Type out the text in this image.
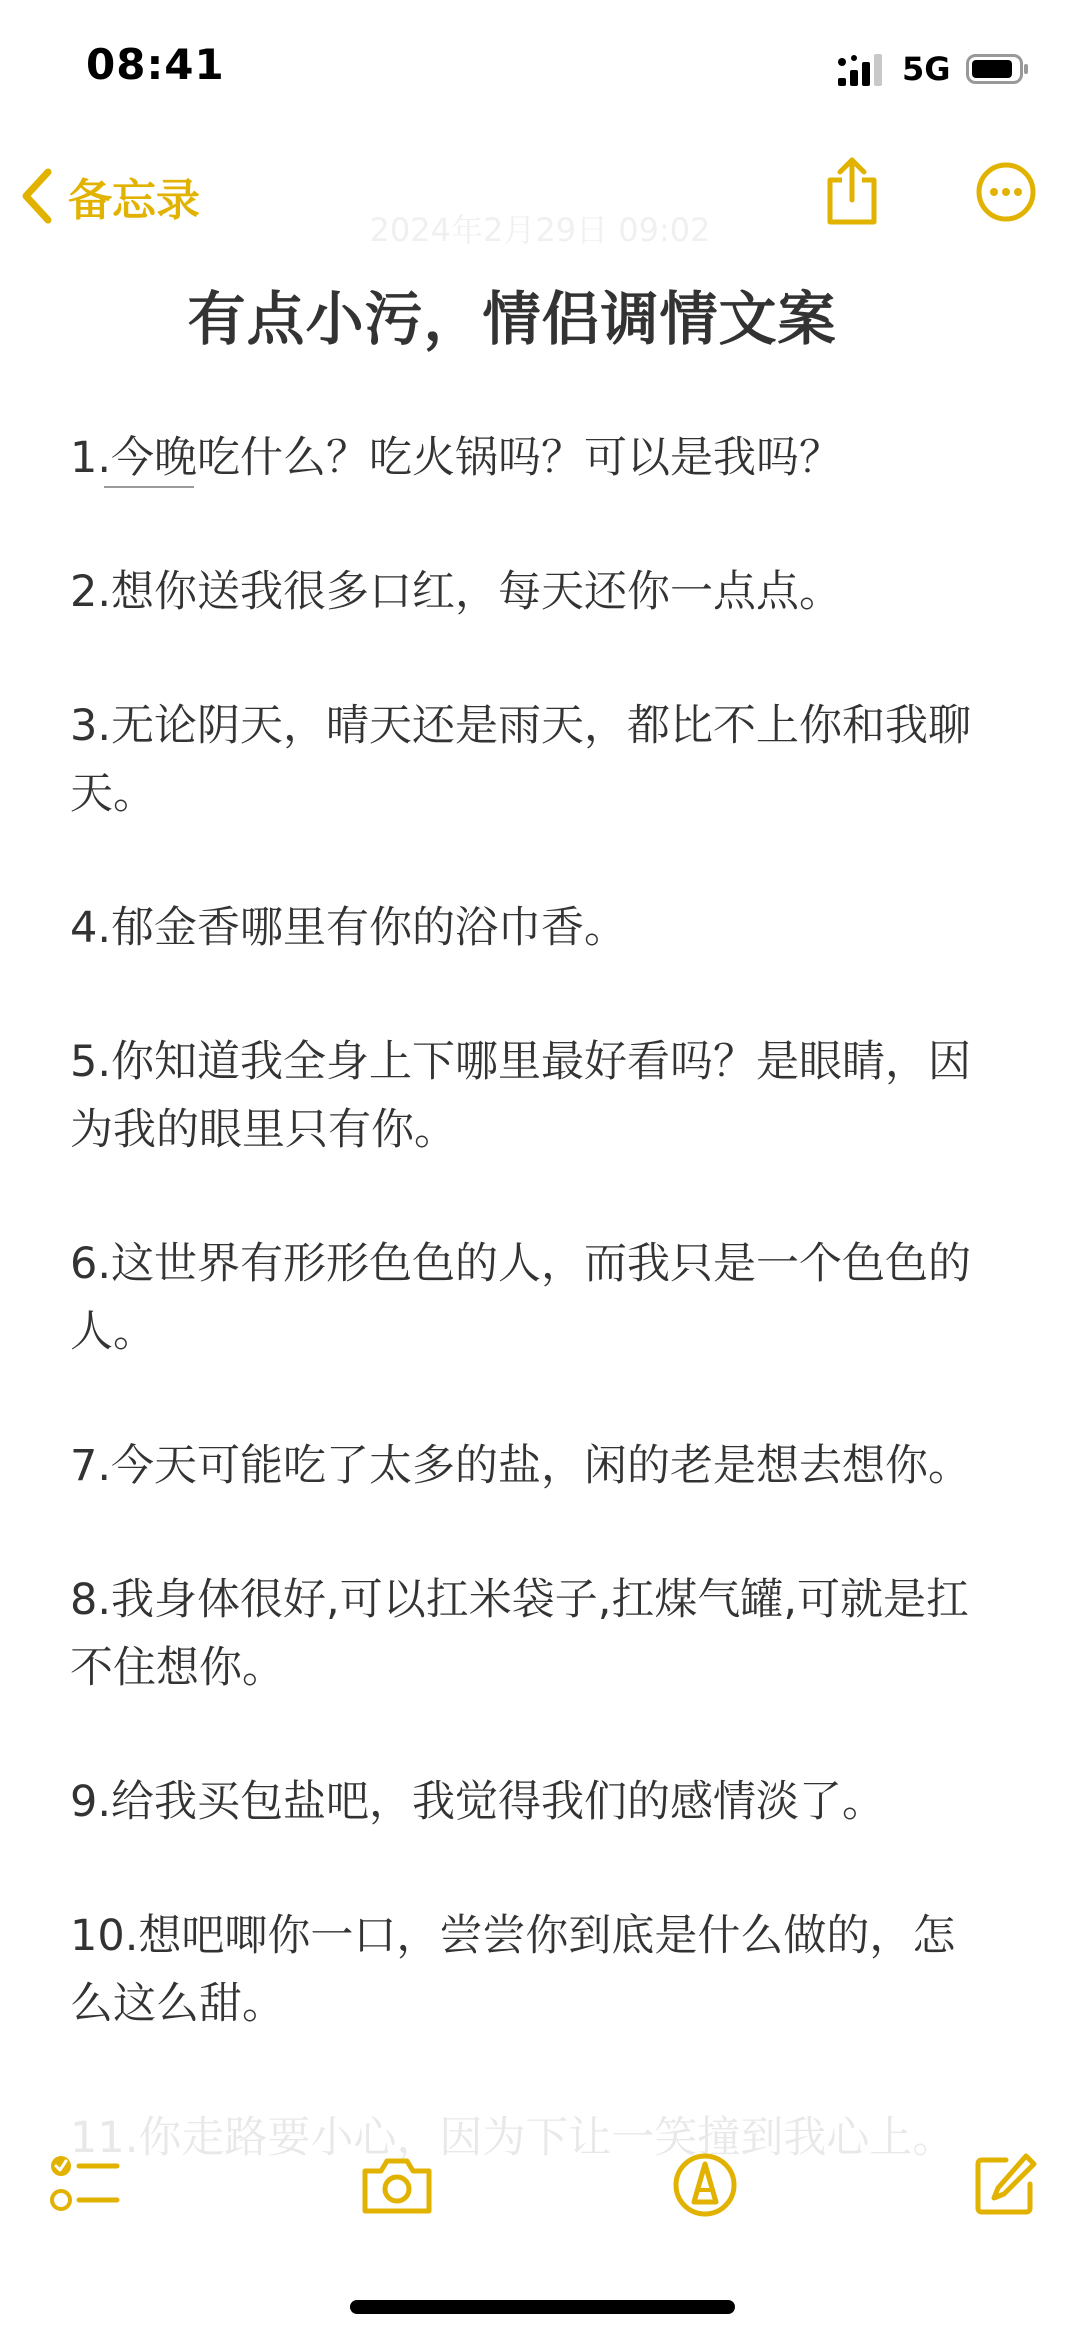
08:41	5G
备忘录
2024年2月29日 09:02
有点小污，情侣调情文案

1.今晚吃什么？吃火锅吗？可以是我吗？

2.想你送我很多口红，每天还你一点点。

3.无论阴天，晴天还是雨天，都比不上你和我聊天。

4.郁金香哪里有你的浴巾香。

5.你知道我全身上下哪里最好看吗？是眼睛，因为我的眼里只有你。

6.这世界有形形色色的人，而我只是一个色色的人。

7.今天可能吃了太多的盐，闲的老是想去想你。

8.我身体很好,可以扛米袋子,扛煤气罐,可就是扛不住想你。

9.给我买包盐吧，我觉得我们的感情淡了。

10.想吧唧你一口，尝尝你到底是什么做的，怎么这么甜。

11.你走路要小心，因为下让一笑撞到我心上。
